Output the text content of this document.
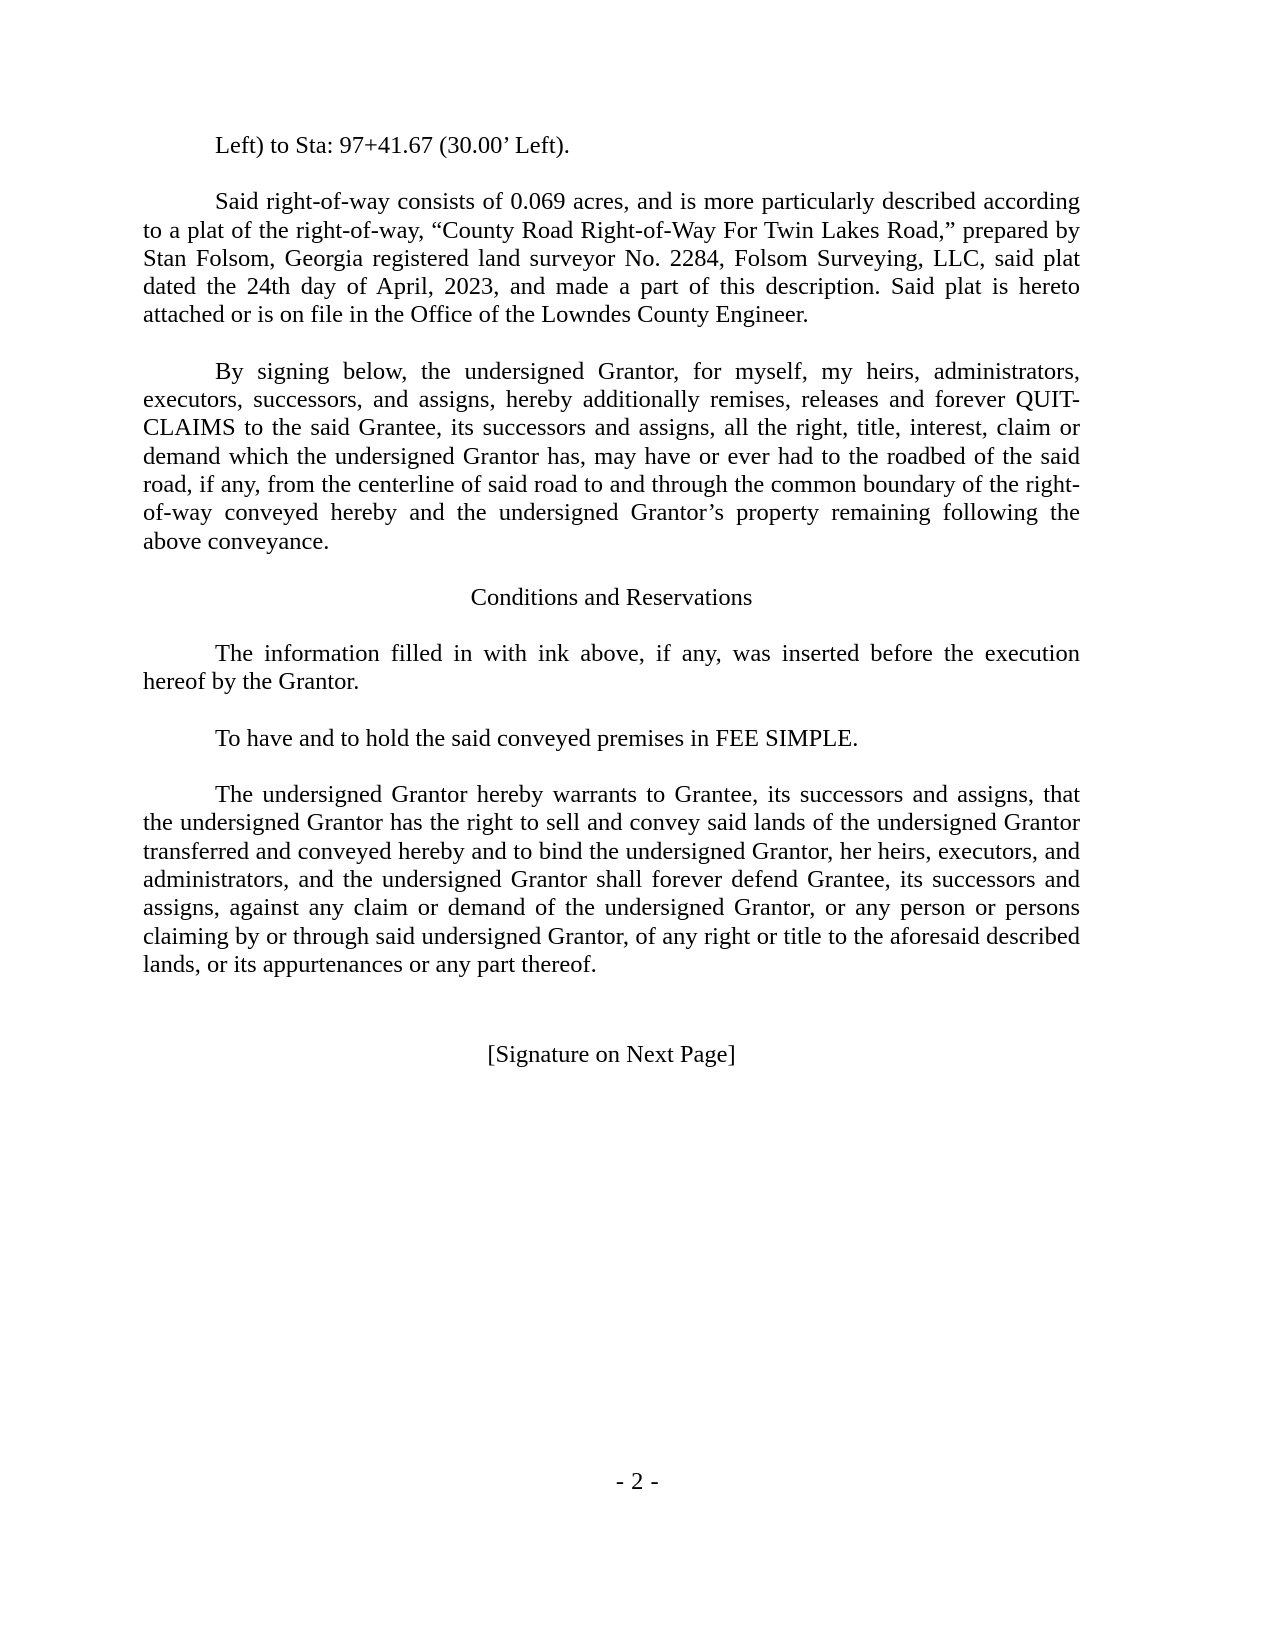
Left) to Sta: 97+41.67 (30.00’ Left).

Said right-of-way consists of 0.069 acres, and is more particularly described according to a plat of the right-of-way, “County Road Right-of-Way For Twin Lakes Road,” prepared by Stan Folsom, Georgia registered land surveyor No. 2284, Folsom Surveying, LLC, said plat dated the 24th day of April, 2023, and made a part of this description. Said plat is hereto attached or is on file in the Office of the Lowndes County Engineer.

By signing below, the undersigned Grantor, for myself, my heirs, administrators, executors, successors, and assigns, hereby additionally remises, releases and forever QUIT-CLAIMS to the said Grantee, its successors and assigns, all the right, title, interest, claim or demand which the undersigned Grantor has, may have or ever had to the roadbed of the said road, if any, from the centerline of said road to and through the common boundary of the right-of-way conveyed hereby and the undersigned Grantor’s property remaining following the above conveyance.

Conditions and Reservations

The information filled in with ink above, if any, was inserted before the execution hereof by the Grantor.

To have and to hold the said conveyed premises in FEE SIMPLE.

The undersigned Grantor hereby warrants to Grantee, its successors and assigns, that the undersigned Grantor has the right to sell and convey said lands of the undersigned Grantor transferred and conveyed hereby and to bind the undersigned Grantor, her heirs, executors, and administrators, and the undersigned Grantor shall forever defend Grantee, its successors and assigns, against any claim or demand of the undersigned Grantor, or any person or persons claiming by or through said undersigned Grantor, of any right or title to the aforesaid described lands, or its appurtenances or any part thereof.

[Signature on Next Page]
- 2 -
